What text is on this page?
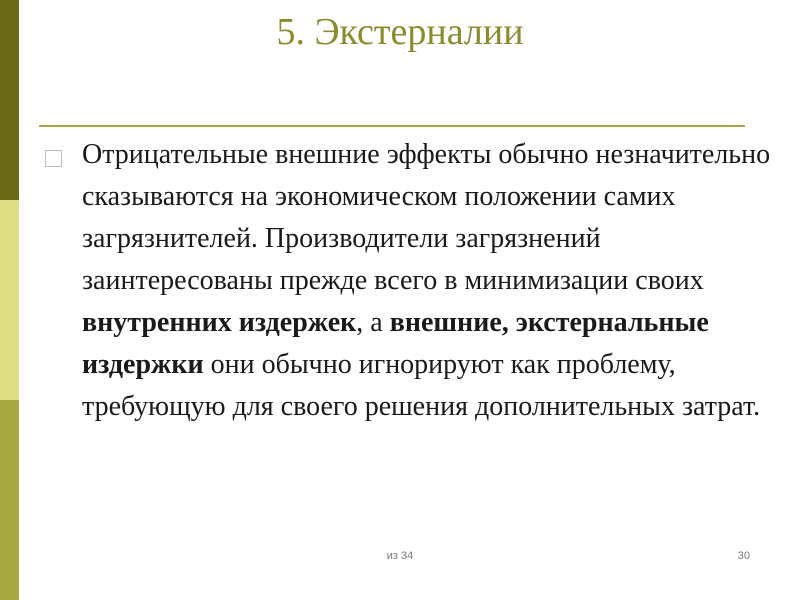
5. Экстерналии
Отрицательные внешние эффекты обычно незначительно сказываются на экономическом положении самих загрязнителей. Производители загрязнений заинтересованы прежде всего в минимизации своих внутренних издержек, а внешние, экстернальные издержки они обычно игнорируют как проблему, требующую для своего решения дополнительных затрат.
из 34	30
